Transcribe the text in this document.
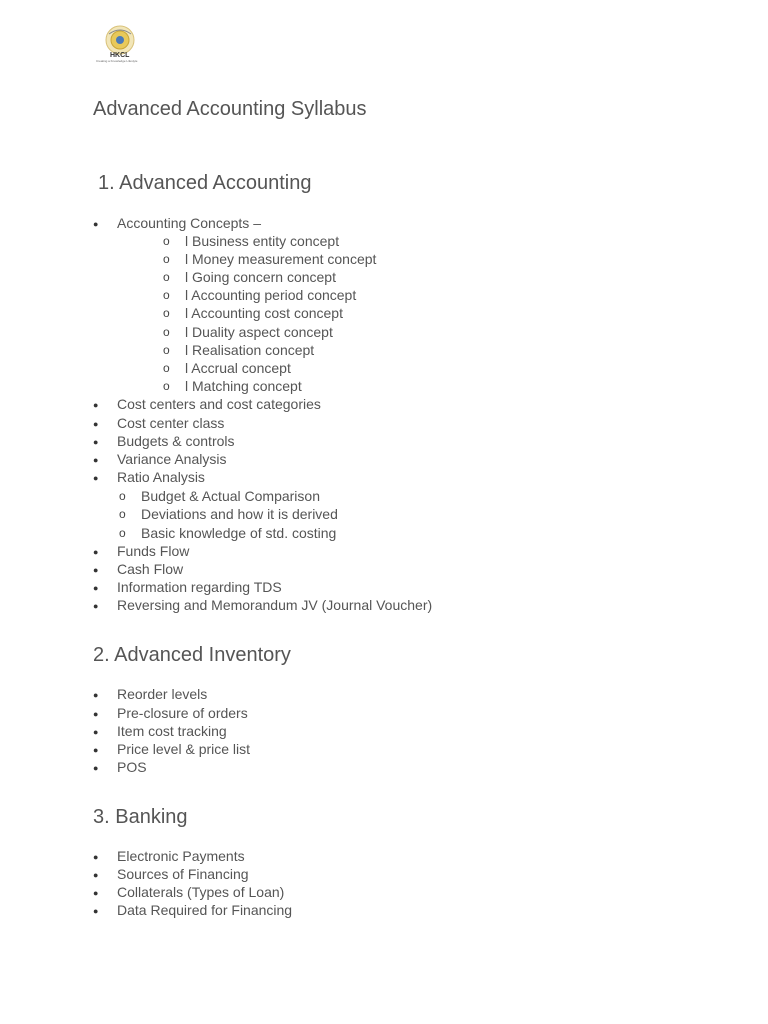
HKCL
Creating a Knowledge Lifestyle
Advanced Accounting Syllabus
1. Advanced Accounting
● Accounting Concepts –
o l Business entity concept
o l Money measurement concept
o l Going concern concept
o l Accounting period concept
o l Accounting cost concept
o l Duality aspect concept
o l Realisation concept
o l Accrual concept
o l Matching concept
● Cost centers and cost categories
● Cost center class
● Budgets & controls
● Variance Analysis
● Ratio Analysis
o Budget & Actual Comparison
o Deviations and how it is derived
o Basic knowledge of std. costing
● Funds Flow
● Cash Flow
● Information regarding TDS
● Reversing and Memorandum JV (Journal Voucher)
2. Advanced Inventory
● Reorder levels
● Pre-closure of orders
● Item cost tracking
● Price level & price list
● POS
3. Banking
● Electronic Payments
● Sources of Financing
● Collaterals (Types of Loan)
● Data Required for Financing
